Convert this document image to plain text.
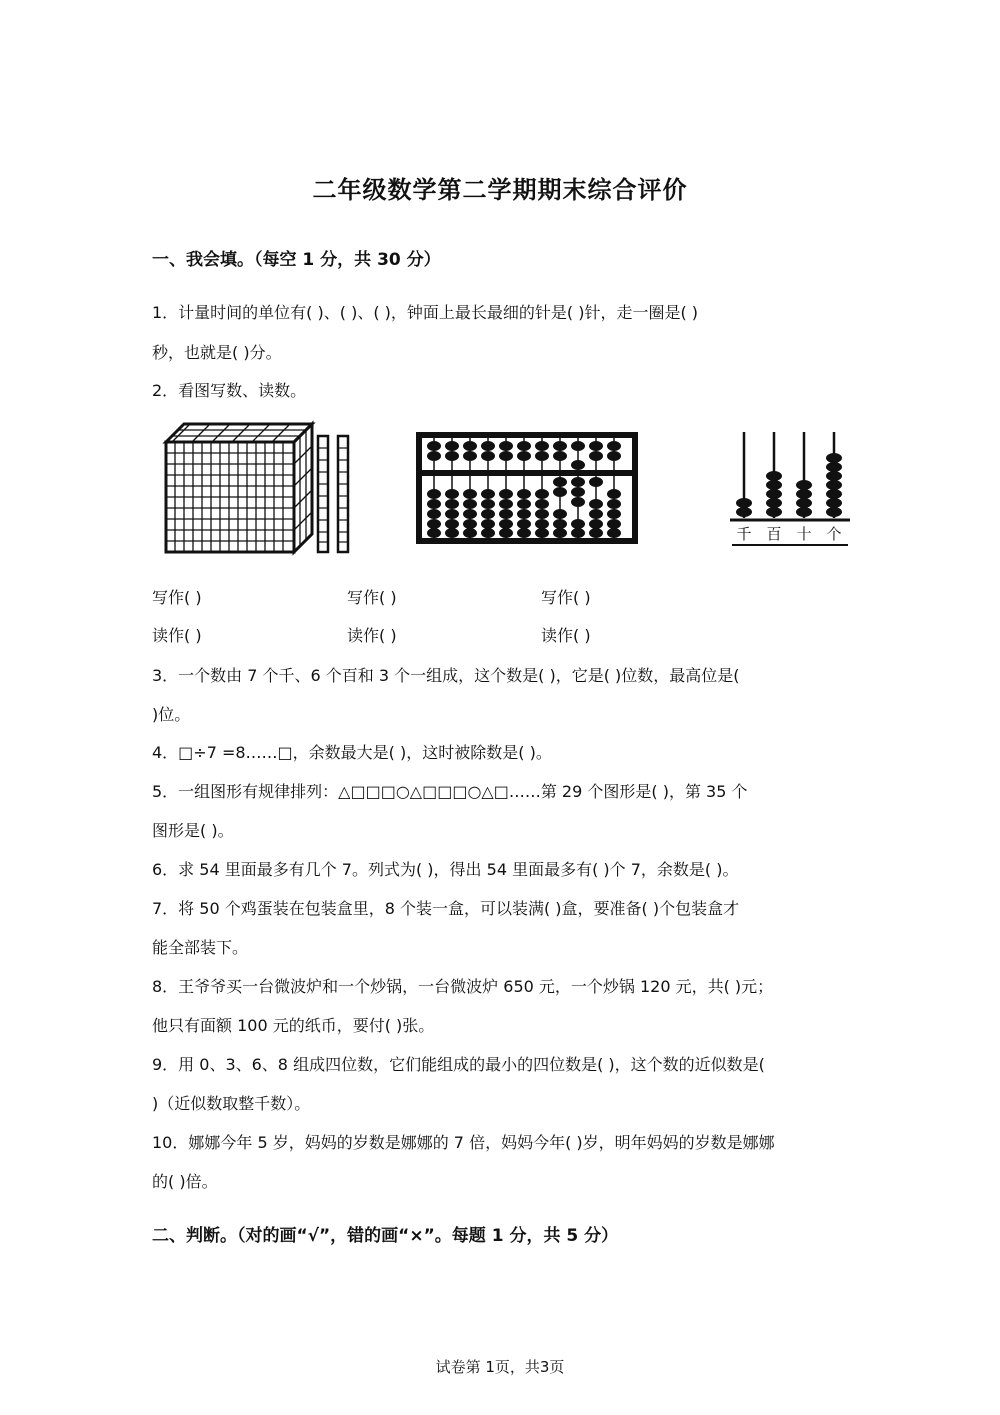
二年级数学第二学期期末综合评价
一、我会填。（每空 1 分，共 30 分）
1．计量时间的单位有( )、( )、( )，钟面上最长最细的针是( )针，走一圈是( )
秒，也就是( )分。
2．看图写数、读数。
千 百 十 个
写作( )	写作( )	写作( )
读作( )	读作( )	读作( )
3．一个数由 7 个千、6 个百和 3 个一组成，这个数是( )，它是( )位数，最高位是(
)位。
4．□÷7 =8……□，余数最大是( )，这时被除数是( )。
5．一组图形有规律排列：△□□□○△□□□○△□……第 29 个图形是( )，第 35 个
图形是( )。
6．求 54 里面最多有几个 7。列式为( )，得出 54 里面最多有( )个 7，余数是( )。
7．将 50 个鸡蛋装在包装盒里，8 个装一盒，可以装满( )盒，要准备( )个包装盒才
能全部装下。
8．王爷爷买一台微波炉和一个炒锅，一台微波炉 650 元，一个炒锅 120 元，共( )元；
他只有面额 100 元的纸币，要付( )张。
9．用 0、3、6、8 组成四位数，它们能组成的最小的四位数是( )，这个数的近似数是(
)（近似数取整千数）。
10．娜娜今年 5 岁，妈妈的岁数是娜娜的 7 倍，妈妈今年( )岁，明年妈妈的岁数是娜娜
的( )倍。
二、判断。（对的画“√”，错的画“×”。每题 1 分，共 5 分）
试卷第 1页，共3页
